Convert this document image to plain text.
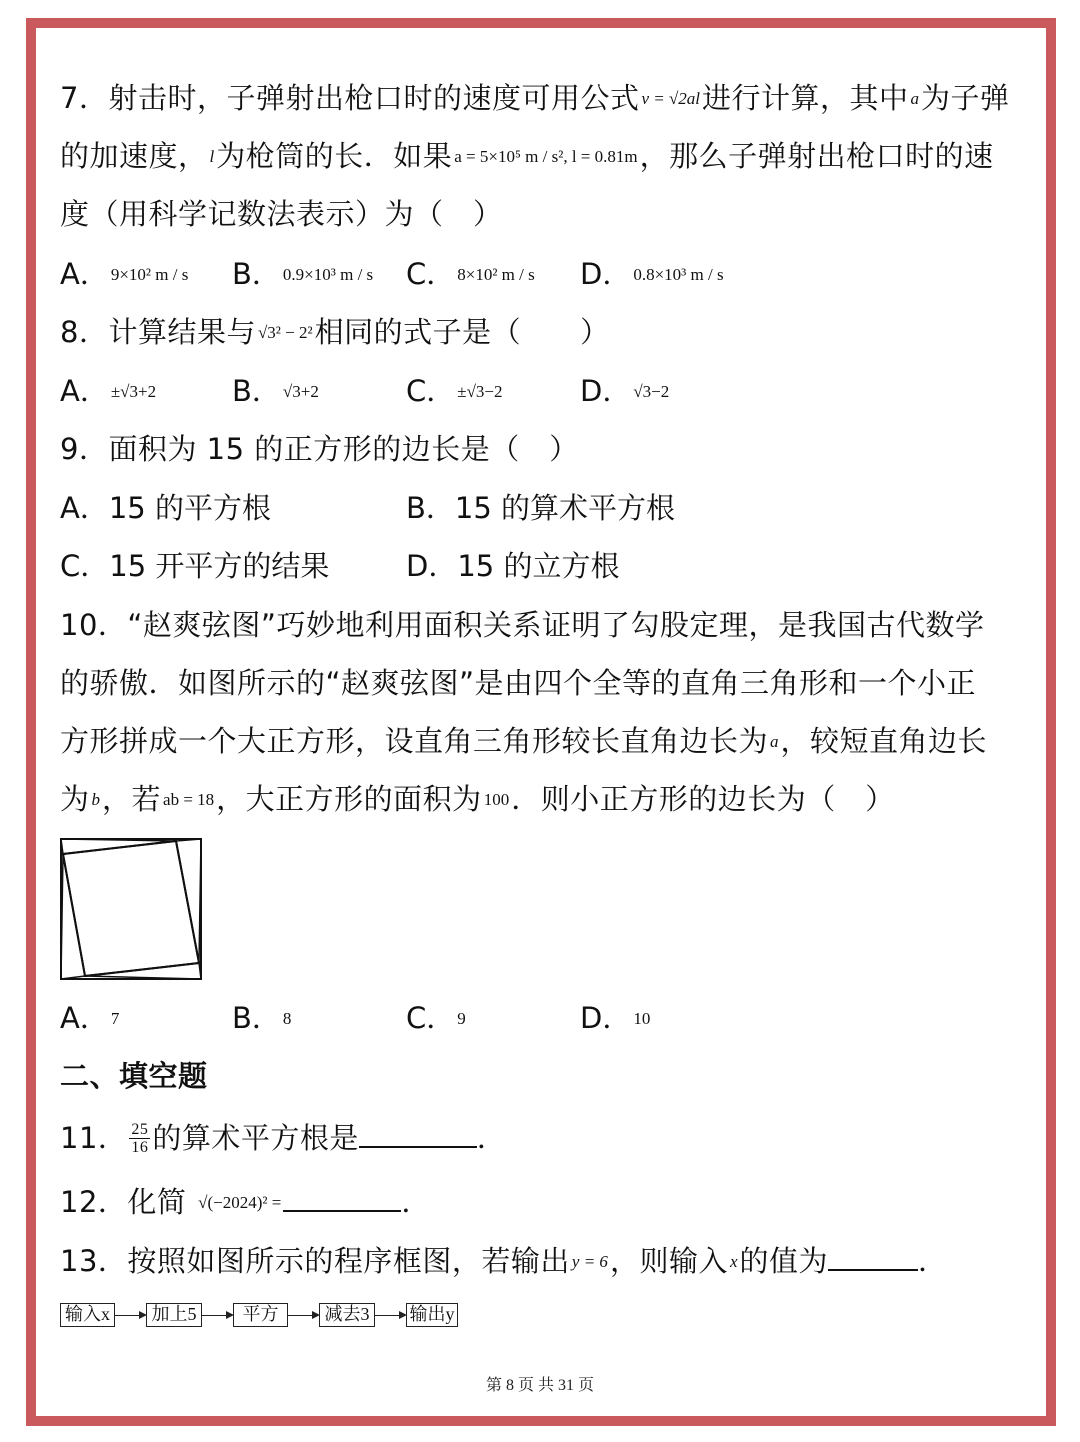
7．射击时，子弹射出枪口时的速度可用公式 v = √2al进行计算，其中 a为子弹
的加速度， l为枪筒的长．如果 a = 5×10⁵ m / s², l = 0.81m，那么子弹射出枪口时的速
度（用科学记数法表示）为（　）
A． 9×10² m / s B． 0.9×10³ m / s C． 8×10² m / s D． 0.8×10³ m / s
8．计算结果与 √3² − 2²相同的式子是（　　）
A． ±√3+2	B． √3+2	C． ±√3−2	D． √3−2
9．面积为 15 的正方形的边长是（　）
A．15 的平方根	B．15 的算术平方根
C．15 开平方的结果	D．15 的立方根
10．“赵爽弦图”巧妙地利用面积关系证明了勾股定理，是我国古代数学
的骄傲．如图所示的“赵爽弦图”是由四个全等的直角三角形和一个小正
方形拼成一个大正方形，设直角三角形较长直角边长为 a，较短直角边长
为b，若 ab = 18，大正方形的面积为 100．则小正方形的边长为（　）
A． 7	B． 8	C． 9	D． 10
二、填空题
11． $\frac{25}{16}$ 的算术平方根是	．
12．化简 √(−2024)² =	．
13．按照如图所示的程序框图，若输出 y = 6，则输入 x的值为	．
输入x	加上5	平方	减去3	输出y
第 8 页 共 31 页
